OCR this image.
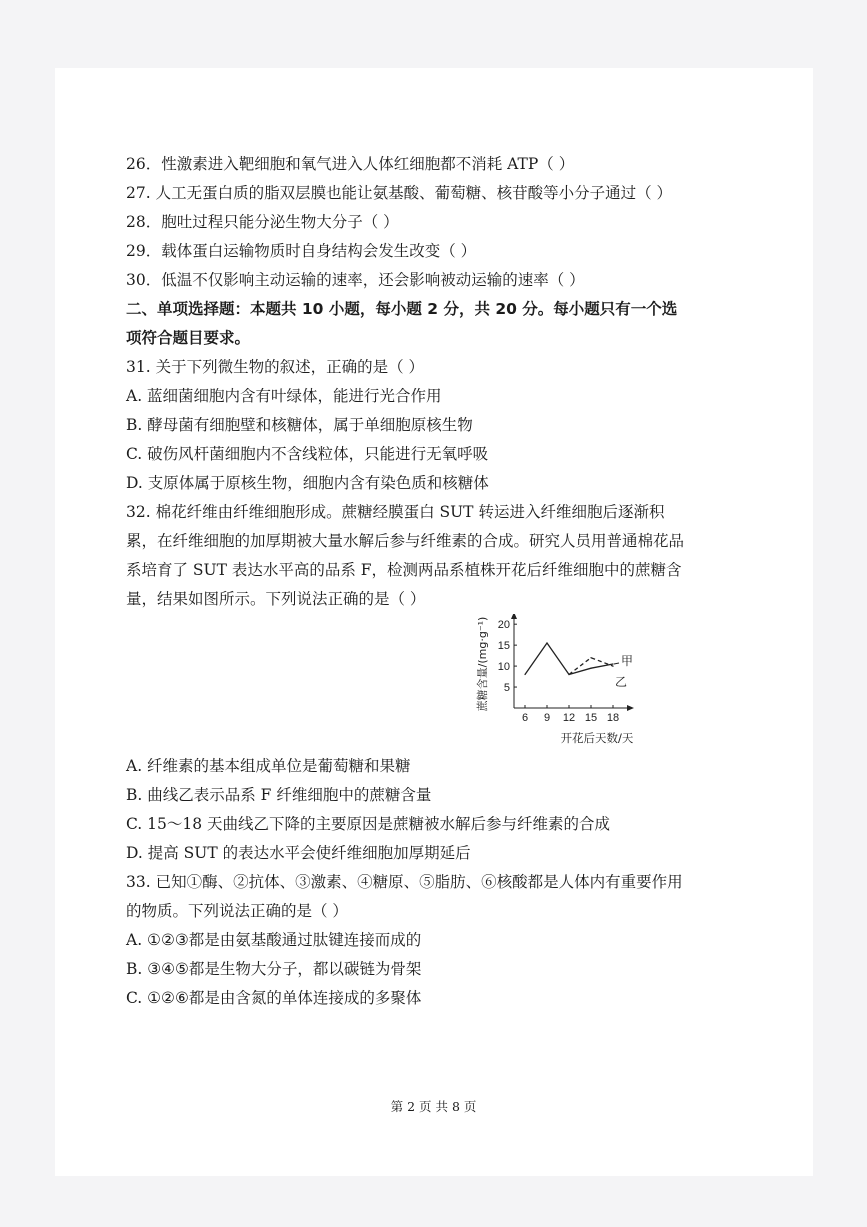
26．性激素进入靶细胞和氧气进入人体红细胞都不消耗 ATP（ ）
27. 人工无蛋白质的脂双层膜也能让氨基酸、葡萄糖、核苷酸等小分子通过（ ）
28．胞吐过程只能分泌生物大分子（ ）
29．载体蛋白运输物质时自身结构会发生改变（ ）
30．低温不仅影响主动运输的速率，还会影响被动运输的速率（ ）
二、单项选择题：本题共 10 小题，每小题 2 分，共 20 分。每小题只有一个选项符合题目要求。
31. 关于下列微生物的叙述，正确的是（ ）
A. 蓝细菌细胞内含有叶绿体，能进行光合作用
B. 酵母菌有细胞壁和核糖体，属于单细胞原核生物
C. 破伤风杆菌细胞内不含线粒体，只能进行无氧呼吸
D. 支原体属于原核生物，细胞内含有染色质和核糖体
32. 棉花纤维由纤维细胞形成。蔗糖经膜蛋白 SUT 转运进入纤维细胞后逐渐积累，在纤维细胞的加厚期被大量水解后参与纤维素的合成。研究人员用普通棉花品系培育了 SUT 表达水平高的品系 F，检测两品系植株开花后纤维细胞中的蔗糖含量，结果如图所示。下列说法正确的是（ ）
6 9 12 15 18
5
10
15
20
蔗糖含量/(mg·g⁻¹)
开花后天数/天
甲
乙
A. 纤维素的基本组成单位是葡萄糖和果糖
B. 曲线乙表示品系 F 纤维细胞中的蔗糖含量
C. 15～18 天曲线乙下降的主要原因是蔗糖被水解后参与纤维素的合成
D. 提高 SUT 的表达水平会使纤维细胞加厚期延后
33. 已知①酶、②抗体、③激素、④糖原、⑤脂肪、⑥核酸都是人体内有重要作用的物质。下列说法正确的是（ ）
A. ①②③都是由氨基酸通过肽键连接而成的
B. ③④⑤都是生物大分子，都以碳链为骨架
C. ①②⑥都是由含氮的单体连接成的多聚体
第 2 页 共 8 页
